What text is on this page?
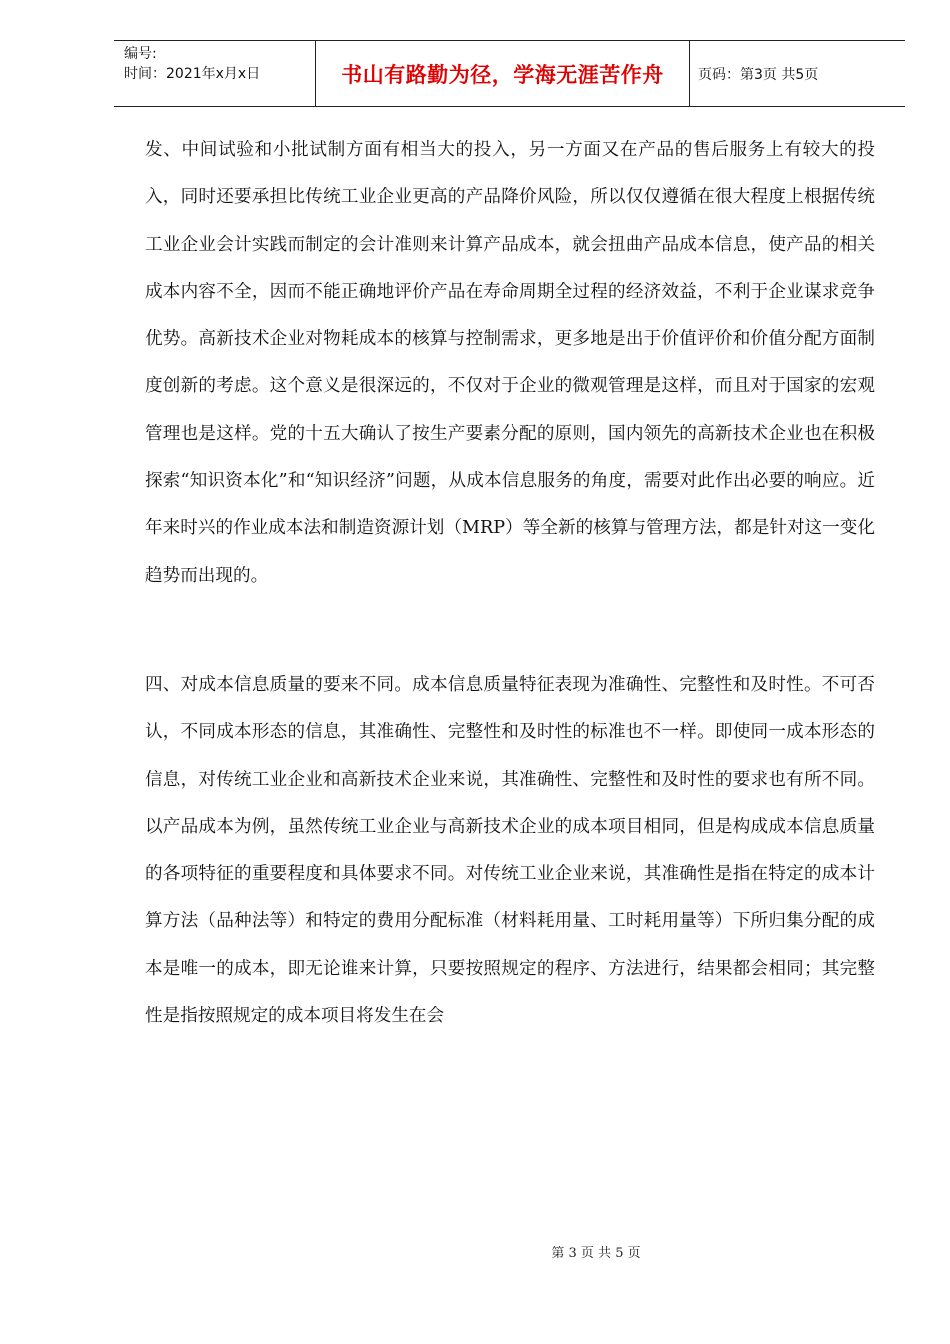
编号:
时间：2021年x月x日	书山有路勤为径，学海无涯苦作舟 页码：第3页 共5页

发、中间试验和小批试制方面有相当大的投入，另一方面又在产品的售后服务上有较大的投入，同时还要承担比传统工业企业更高的产品降价风险，所以仅仅遵循在很大程度上根据传统工业企业会计实践而制定的会计准则来计算产品成本，就会扭曲产品成本信息，使产品的相关成本内容不全，因而不能正确地评价产品在寿命周期全过程的经济效益，不利于企业谋求竞争优势。高新技术企业对物耗成本的核算与控制需求，更多地是出于价值评价和价值分配方面制度创新的考虑。这个意义是很深远的，不仅对于企业的微观管理是这样，而且对于国家的宏观管理也是这样。党的十五大确认了按生产要素分配的原则，国内领先的高新技术企业也在积极探索“知识资本化”和“知识经济”问题，从成本信息服务的角度，需要对此作出必要的响应。近年来时兴的作业成本法和制造资源计划（MRP）等全新的核算与管理方法，都是针对这一变化趋势而出现的。

四、对成本信息质量的要来不同。成本信息质量特征表现为准确性、完整性和及时性。不可否认，不同成本形态的信息，其准确性、完整性和及时性的标准也不一样。即使同一成本形态的信息，对传统工业企业和高新技术企业来说，其准确性、完整性和及时性的要求也有所不同。以产品成本为例，虽然传统工业企业与高新技术企业的成本项目相同，但是构成成本信息质量的各项特征的重要程度和具体要求不同。对传统工业企业来说，其准确性是指在特定的成本计算方法（品种法等）和特定的费用分配标准（材料耗用量、工时耗用量等）下所归集分配的成本是唯一的成本，即无论谁来计算，只要按照规定的程序、方法进行，结果都会相同；其完整性是指按照规定的成本项目将发生在会

第 3 页 共 5 页
